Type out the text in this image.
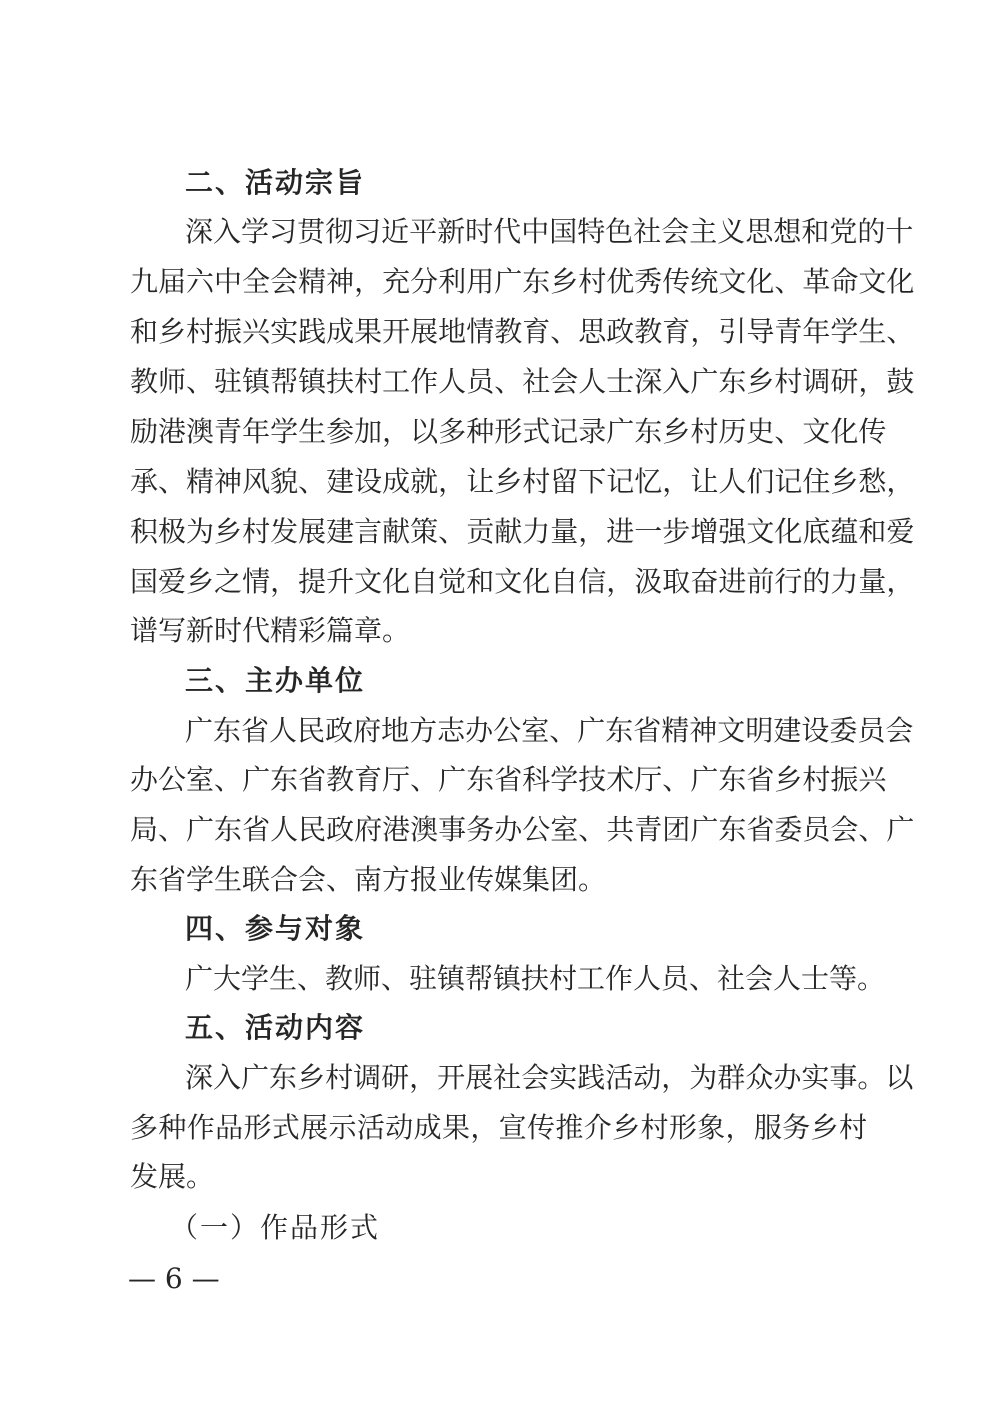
二、活动宗旨
深 入 学 习 贯 彻 习 近 平 新 时 代 中 国 特 色 社 会 主 义 思 想 和 党 的 十
九 届 六 中 全 会 精 神 ， 充 分 利 用 广 东 乡 村 优 秀 传 统 文 化 、 革 命 文 化
和 乡 村 振 兴 实 践 成 果 开 展 地 情 教 育 、 思 政 教 育 ， 引 导 青 年 学 生 、
教 师 、 驻 镇 帮 镇 扶 村 工 作 人 员 、 社 会 人 士 深 入 广 东 乡 村 调 研 ， 鼓
励 港 澳 青 年 学 生 参 加 ， 以 多 种 形 式 记 录 广 东 乡 村 历 史 、 文 化 传
承 、 精 神 风 貌 、 建 设 成 就 ， 让 乡 村 留 下 记 忆 ， 让 人 们 记 住 乡 愁 ，
积 极 为 乡 村 发 展 建 言 献 策 、 贡 献 力 量 ， 进 一 步 增 强 文 化 底 蕴 和 爱
国 爱 乡 之 情 ， 提 升 文 化 自 觉 和 文 化 自 信 ， 汲 取 奋 进 前 行 的 力 量 ，
谱写新时代精彩篇章。
三、主办单位
广 东 省 人 民 政 府 地 方 志 办 公 室 、 广 东 省 精 神 文 明 建 设 委 员 会
办 公 室 、 广 东 省 教 育 厅 、 广 东 省 科 学 技 术 厅 、 广 东 省 乡 村 振 兴
局 、 广 东 省 人 民 政 府 港 澳 事 务 办 公 室 、 共 青 团 广 东 省 委 员 会 、 广
东省学生联合会、南方报业传媒集团。
四、参与对象
广大学生、教师、驻镇帮镇扶村工作人员、社会人士等。
五、活动内容
深 入 广 东 乡 村 调 研 ， 开 展 社 会 实 践 活 动 ， 为 群 众 办 实 事 。 以
多 种 作 品 形 式 展 示 活 动 成 果 ， 宣 传 推 介 乡 村 形 象 ， 服 务 乡 村
发展。
（一）作品形式
— 6 —
